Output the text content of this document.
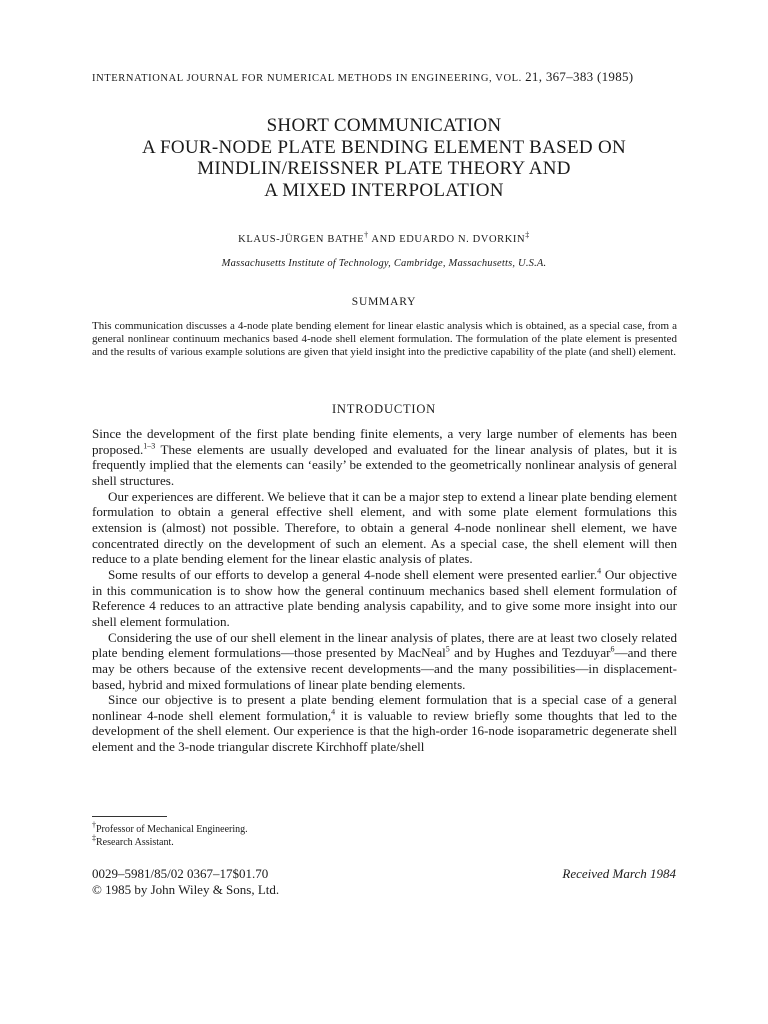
INTERNATIONAL JOURNAL FOR NUMERICAL METHODS IN ENGINEERING, VOL. 21, 367–383 (1985)
SHORT COMMUNICATION
A FOUR-NODE PLATE BENDING ELEMENT BASED ON
MINDLIN/REISSNER PLATE THEORY AND
A MIXED INTERPOLATION
KLAUS-JÜRGEN BATHE† AND EDUARDO N. DVORKIN‡
Massachusetts Institute of Technology, Cambridge, Massachusetts, U.S.A.
SUMMARY

This communication discusses a 4-node plate bending element for linear elastic analysis which is obtained, as a special case, from a general nonlinear continuum mechanics based 4-node shell element formulation. The formulation of the plate element is presented and the results of various example solutions are given that yield insight into the predictive capability of the plate (and shell) element.

INTRODUCTION

Since the development of the first plate bending finite elements, a very large number of elements has been proposed.$^{1-3}$ These elements are usually developed and evaluated for the linear analysis of plates, but it is frequently implied that the elements can ‘easily’ be extended to the geometrically nonlinear analysis of general shell structures.

Our experiences are different. We believe that it can be a major step to extend a linear plate bending element formulation to obtain a general effective shell element, and with some plate element formulations this extension is (almost) not possible. Therefore, to obtain a general 4-node nonlinear shell element, we have concentrated directly on the development of such an element. As a special case, the shell element will then reduce to a plate bending element for the linear elastic analysis of plates.

Some results of our efforts to develop a general 4-node shell element were presented earlier.$^4$ Our objective in this communication is to show how the general continuum mechanics based shell element formulation of Reference 4 reduces to an attractive plate bending analysis capability, and to give some more insight into our shell element formulation.

Considering the use of our shell element in the linear analysis of plates, there are at least two closely related plate bending element formulations—those presented by MacNeal$^5$ and by Hughes and Tezduyar$^6$—and there may be others because of the extensive recent developments—and the many possibilities—in displacement-based, hybrid and mixed formulations of linear plate bending elements.

Since our objective is to present a plate bending element formulation that is a special case of a general nonlinear 4-node shell element formulation,$^4$ it is valuable to review briefly some thoughts that led to the development of the shell element. Our experience is that the high-order 16-node isoparametric degenerate shell element and the 3-node triangular discrete Kirchhoff plate/shell

†Professor of Mechanical Engineering.
‡Research Assistant.
0029–5981/85/02 0367–17$01.70
© 1985 by John Wiley & Sons, Ltd.
Received March 1984
